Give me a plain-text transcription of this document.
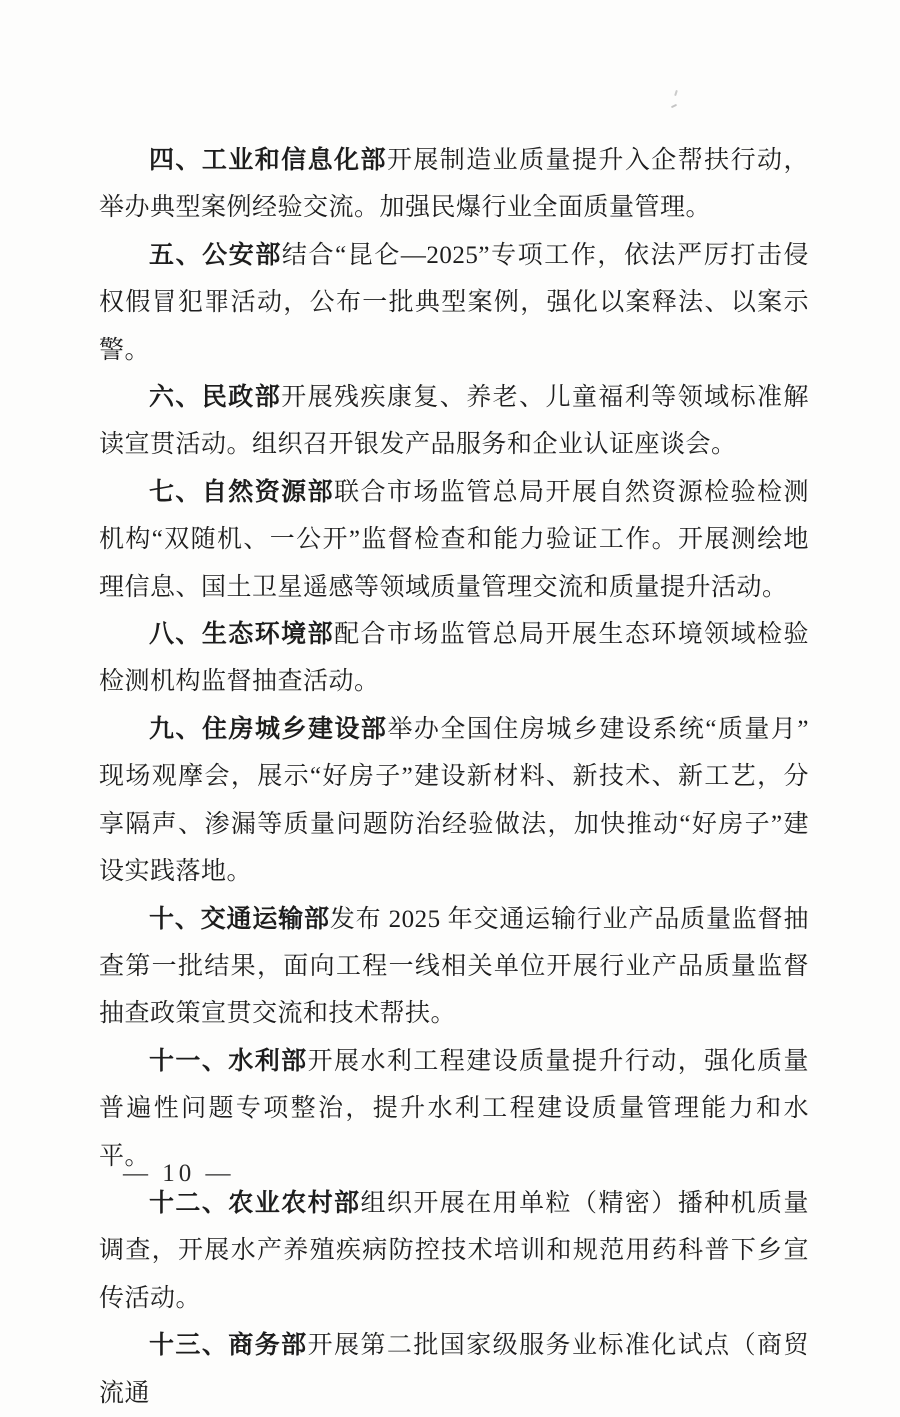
四、工业和信息化部开展制造业质量提升入企帮扶行动，举办典型案例经验交流。加强民爆行业全面质量管理。

五、公安部结合“昆仑—2025”专项工作，依法严厉打击侵权假冒犯罪活动，公布一批典型案例，强化以案释法、以案示警。

六、民政部开展残疾康复、养老、儿童福利等领域标准解读宣贯活动。组织召开银发产品服务和企业认证座谈会。

七、自然资源部联合市场监管总局开展自然资源检验检测机构“双随机、一公开”监督检查和能力验证工作。开展测绘地理信息、国土卫星遥感等领域质量管理交流和质量提升活动。

八、生态环境部配合市场监管总局开展生态环境领域检验检测机构监督抽查活动。

九、住房城乡建设部举办全国住房城乡建设系统“质量月”现场观摩会，展示“好房子”建设新材料、新技术、新工艺，分享隔声、渗漏等质量问题防治经验做法，加快推动“好房子”建设实践落地。

十、交通运输部发布 2025 年交通运输行业产品质量监督抽查第一批结果，面向工程一线相关单位开展行业产品质量监督抽查政策宣贯交流和技术帮扶。

十一、水利部开展水利工程建设质量提升行动，强化质量普遍性问题专项整治，提升水利工程建设质量管理能力和水平。

十二、农业农村部组织开展在用单粒（精密）播种机质量调查，开展水产养殖疾病防控技术培训和规范用药科普下乡宣传活动。

十三、商务部开展第二批国家级服务业标准化试点（商贸流通

— 10 —
